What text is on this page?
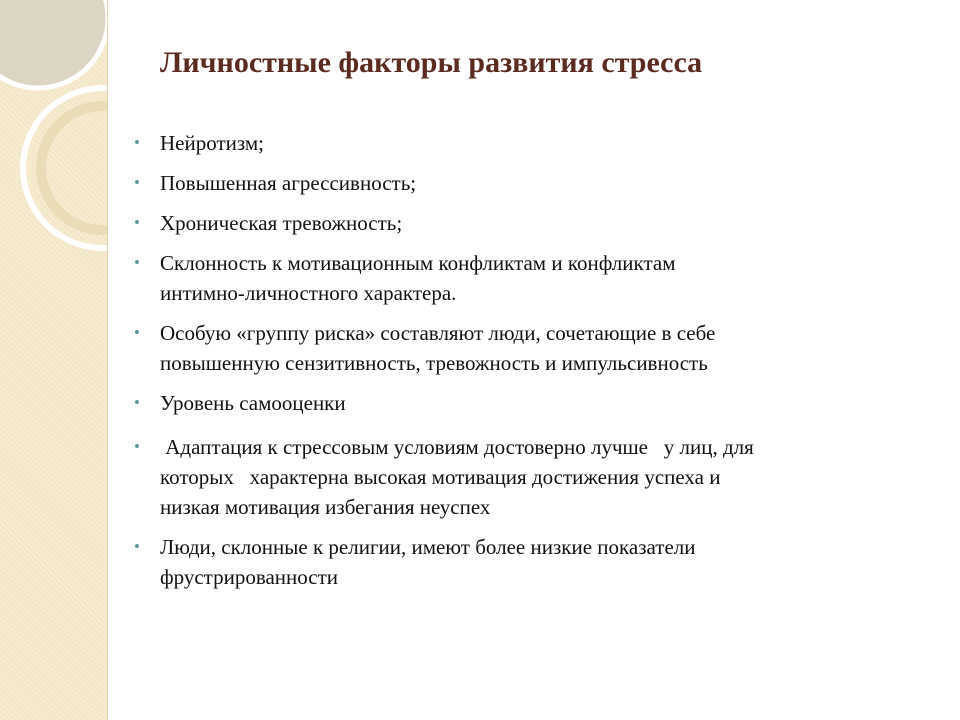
Личностные факторы развития стресса
• Нейротизм;
• Повышенная агрессивность;
• Хроническая тревожность;
• Склонность к мотивационным конфликтам и конфликтам
интимно-личностного характера.
• Особую «группу риска» составляют люди, сочетающие в себе
повышенную сензитивность, тревожность и импульсивность
• Уровень самооценки
• Адаптация к стрессовым условиям достоверно лучше   у лиц, для
которых   характерна высокая мотивация достижения успеха и
низкая мотивация избегания неуспех
• Люди, склонные к религии, имеют более низкие показатели
фрустрированности
